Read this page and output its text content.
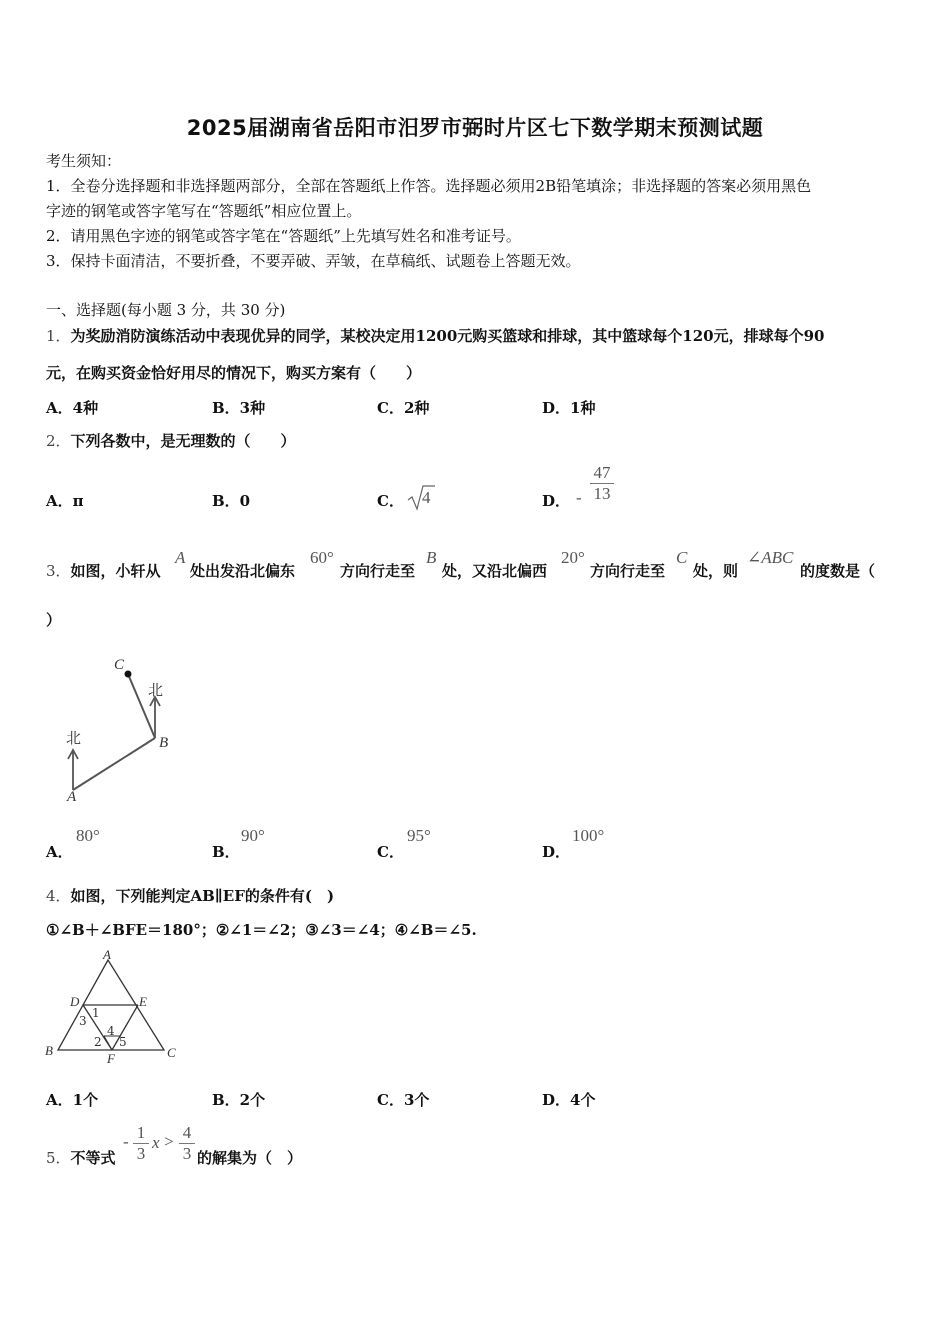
2025届湖南省岳阳市汨罗市弼时片区七下数学期末预测试题
考生须知：
1．全卷分选择题和非选择题两部分，全部在答题纸上作答。选择题必须用2B铅笔填涂；非选择题的答案必须用黑色
字迹的钢笔或答字笔写在“答题纸”相应位置上。
2．请用黑色字迹的钢笔或答字笔在“答题纸”上先填写姓名和准考证号。
3．保持卡面清洁，不要折叠，不要弄破、弄皱，在草稿纸、试题卷上答题无效。
一、选择题(每小题 3 分，共 30 分)
1．为奖励消防演练活动中表现优异的同学，某校决定用1200元购买篮球和排球，其中篮球每个120元，排球每个90
元，在购买资金恰好用尽的情况下，购买方案有（　　）
A．4种	B．3种	C．2种	D．1种
2．下列各数中，是无理数的（　　）
A．π	B．0	C． 4	D． -
47
13
3．如图，小轩从
A
处出发沿北偏东
60°
方向行走至
B
处，又沿北偏西
20°
方向行走至
C
处，则
∠ABC
的度数是（
）
C
北
北	B
A
A．
80°
B．
90°
C．
95°
D．
100°
4．如图，下列能判定AB∥EF的条件有(　)
①∠B＋∠BFE＝180°；②∠1＝∠2；③∠3＝∠4；④∠B＝∠5.
A
D	E
B	C
F
1
3
4
2 5
A．1个	B．2个	C．3个	D．4个
5．不等式
- 1
3
x > 4
3 的解集为（　）
